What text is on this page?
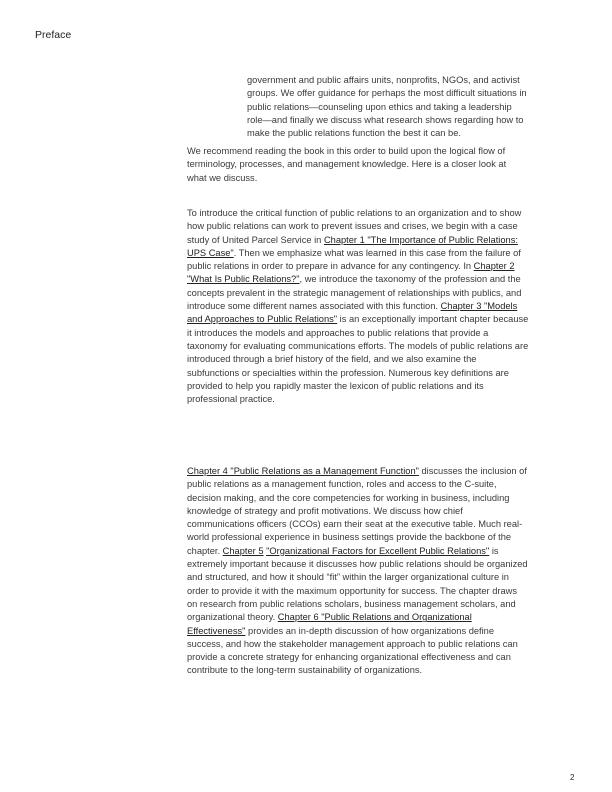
Preface
government and public affairs units, nonprofits, NGOs, and activist
groups. We offer guidance for perhaps the most difficult situations in
public relations—counseling upon ethics and taking a leadership
role—and finally we discuss what research shows regarding how to
make the public relations function the best it can be.
We recommend reading the book in this order to build upon the logical flow of
terminology, processes, and management knowledge. Here is a closer look at
what we discuss.
To introduce the critical function of public relations to an organization and to show
how public relations can work to prevent issues and crises, we begin with a case
study of United Parcel Service in Chapter 1 "The Importance of Public Relations:
UPS Case". Then we emphasize what was learned in this case from the failure of
public relations in order to prepare in advance for any contingency. In Chapter 2
"What Is Public Relations?", we introduce the taxonomy of the profession and the
concepts prevalent in the strategic management of relationships with publics, and
introduce some different names associated with this function. Chapter 3 "Models
and Approaches to Public Relations" is an exceptionally important chapter because
it introduces the models and approaches to public relations that provide a
taxonomy for evaluating communications efforts. The models of public relations are
introduced through a brief history of the field, and we also examine the
subfunctions or specialties within the profession. Numerous key definitions are
provided to help you rapidly master the lexicon of public relations and its
professional practice.
Chapter 4 "Public Relations as a Management Function" discusses the inclusion of
public relations as a management function, roles and access to the C-suite,
decision making, and the core competencies for working in business, including
knowledge of strategy and profit motivations. We discuss how chief
communications officers (CCOs) earn their seat at the executive table. Much real-
world professional experience in business settings provide the backbone of the
chapter. Chapter 5 "Organizational Factors for Excellent Public Relations" is
extremely important because it discusses how public relations should be organized
and structured, and how it should “fit” within the larger organizational culture in
order to provide it with the maximum opportunity for success. The chapter draws
on research from public relations scholars, business management scholars, and
organizational theory. Chapter 6 "Public Relations and Organizational
Effectiveness" provides an in-depth discussion of how organizations define
success, and how the stakeholder management approach to public relations can
provide a concrete strategy for enhancing organizational effectiveness and can
contribute to the long-term sustainability of organizations.
2
